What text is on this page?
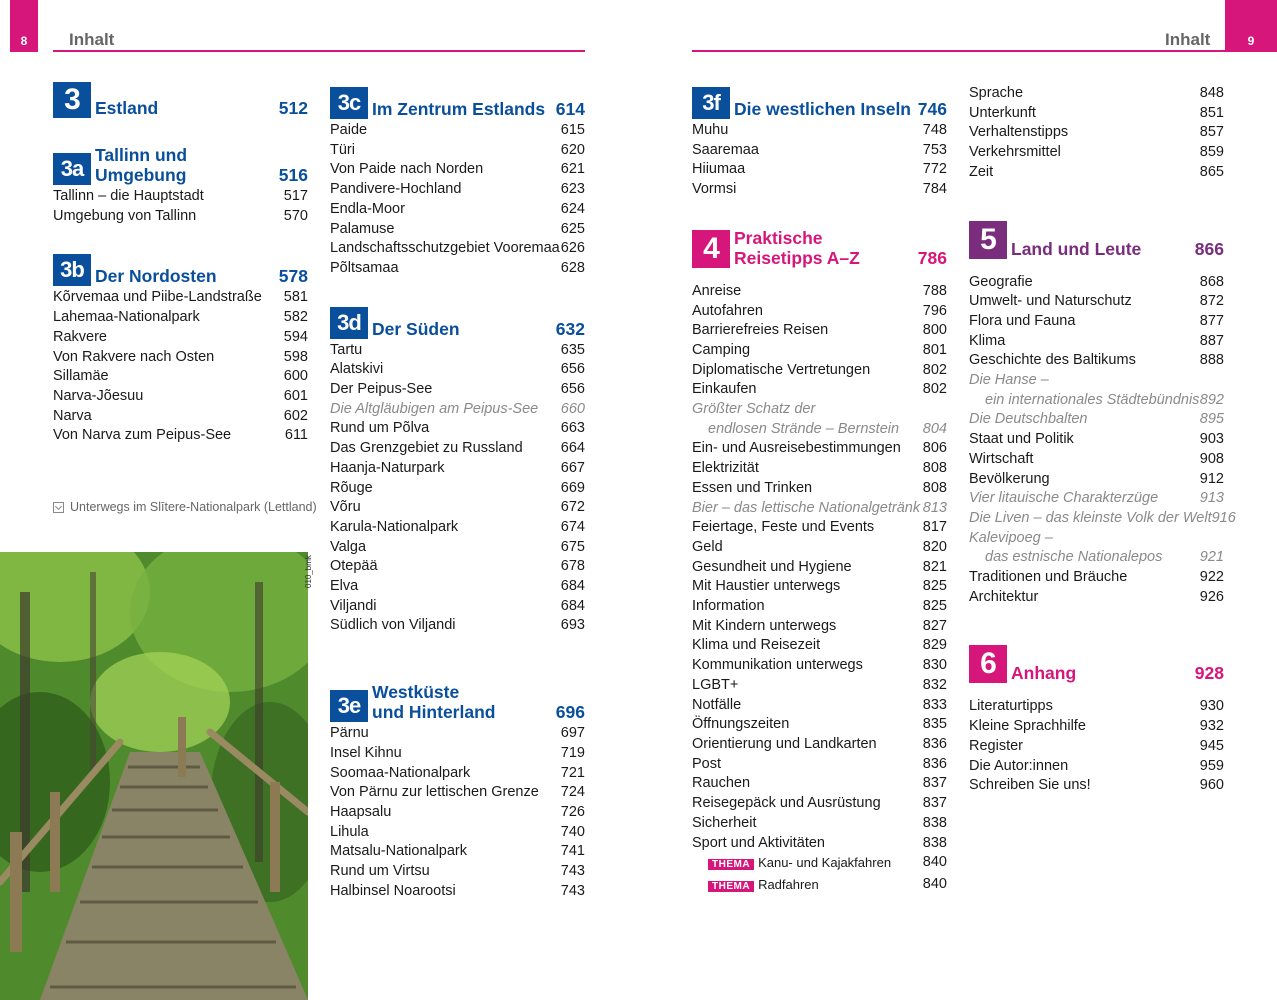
8	Inhalt	9
Inhalt
3 Estland	512
3a
Tallinn und Umgebung	516
Tallinn – die Hauptstadt	517
Umgebung von Tallinn	570
3b Der Nordosten	578
Kõrvemaa und Piibe-Landstraße 581
Lahemaa-Nationalpark	582
Rakvere	594
Von Rakvere nach Osten	598
Sillamäe	600
Narva-Jõesuu	601
Narva	602
Von Narva zum Peipus-See	611
Unterwegs im Slītere-Nationalpark (Lettland)
010_bmk
3c Im Zentrum Estlands 614
Paide	615
Türi	620
Von Paide nach Norden	621
Pandivere-Hochland	623
Endla-Moor	624
Palamuse	625
Landschaftsschutzgebiet Vooremaa 626
Põltsamaa	628
3d Der Süden	632
Tartu	635
Alatskivi	656
Der Peipus-See	656
Die Altgläubigen am Peipus-See 660
Rund um Põlva	663
Das Grenzgebiet zu Russland	664
Haanja-Naturpark	667
Rõuge	669
Võru	672
Karula-Nationalpark	674
Valga	675
Otepää	678
Elva	684
Viljandi	684
Südlich von Viljandi	693
3e
Westküste
und Hinterland	696
Pärnu	697
Insel Kihnu	719
Soomaa-Nationalpark	721
Von Pärnu zur lettischen Grenze 724
Haapsalu	726
Lihula	740
Matsalu-Nationalpark	741
Rund um Virtsu	743
Halbinsel Noarootsi	743
3f Die westlichen Inseln 746
Muhu	748
Saaremaa	753
Hiiumaa	772
Vormsi	784
4 Praktische
Reisetipps A–Z	786
Anreise	788
Autofahren	796
Barrierefreies Reisen	800
Camping	801
Diplomatische Vertretungen	802
Einkaufen	802
Größter Schatz der
endlosen Strände – Bernstein 804
Ein- und Ausreisebestimmungen 806
Elektrizität	808
Essen und Trinken	808
Bier – das lettische Nationalgetränk 813
Feiertage, Feste und Events	817
Geld	820
Gesundheit und Hygiene	821
Mit Haustier unterwegs	825
Information	825
Mit Kindern unterwegs	827
Klima und Reisezeit	829
Kommunikation unterwegs	830
LGBT+	832
Notfälle	833
Öffnungszeiten	835
Orientierung und Landkarten	836
Post	836
Rauchen	837
Reisegepäck und Ausrüstung	837
Sicherheit	838
Sport und Aktivitäten	838
THEMA Kanu- und Kajakfahren 840
THEMA Radfahren	840
Sprache	848
Unterkunft	851
Verhaltenstipps	857
Verkehrsmittel	859
Zeit	865
5 Land und Leute	866
Geografie	868
Umwelt- und Naturschutz	872
Flora und Fauna	877
Klima	887
Geschichte des Baltikums	888
Die Hanse –
ein internationales Städtebündnis 892
Die Deutschbalten	895
Staat und Politik	903
Wirtschaft	908
Bevölkerung	912
Vier litauische Charakterzüge	913
Die Liven – das kleinste Volk der Welt 916
Kalevipoeg –
das estnische Nationalepos	921
Traditionen und Bräuche	922
Architektur	926
6 Anhang	928
Literaturtipps	930
Kleine Sprachhilfe	932
Register	945
Die Autor:innen	959
Schreiben Sie uns!	960
